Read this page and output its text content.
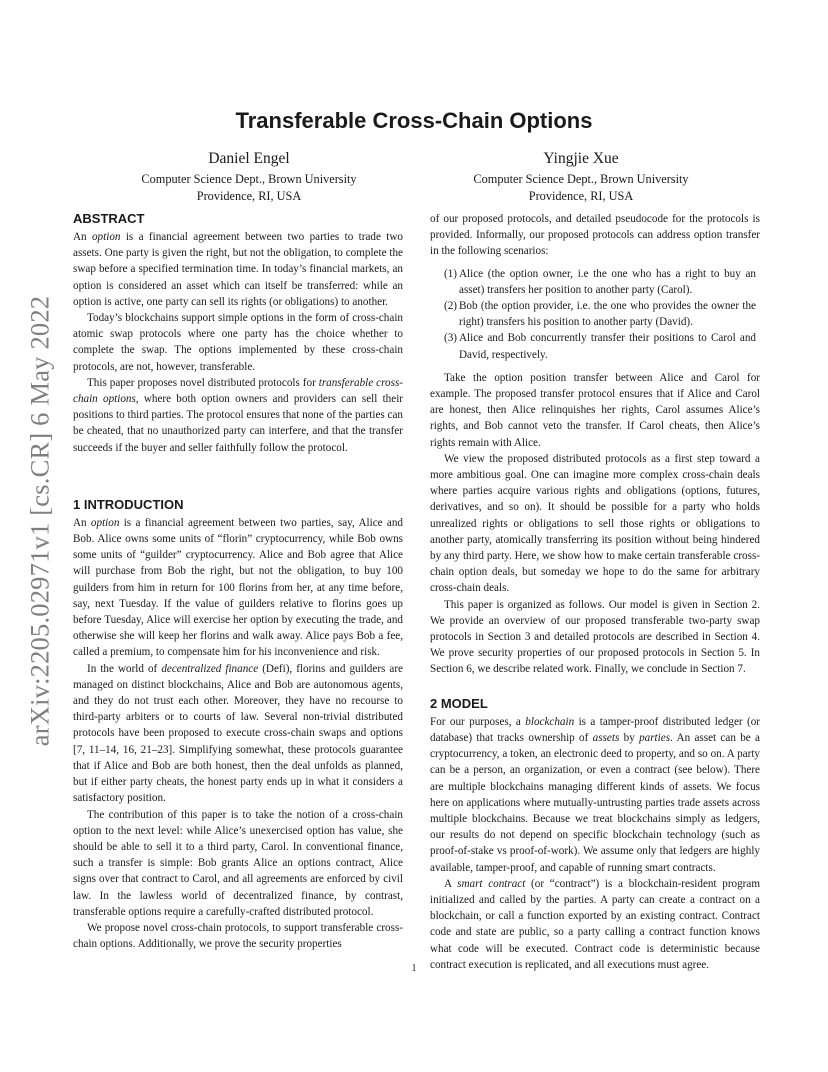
arXiv:2205.02971v1 [cs.CR] 6 May 2022
Transferable Cross-Chain Options
Daniel Engel
Computer Science Dept., Brown University
Providence, RI, USA
Yingjie Xue
Computer Science Dept., Brown University
Providence, RI, USA
ABSTRACT

An option is a financial agreement between two parties to trade two assets. One party is given the right, but not the obligation, to complete the swap before a specified termination time. In today’s financial markets, an option is considered an asset which can itself be transferred: while an option is active, one party can sell its rights (or obligations) to another.

Today’s blockchains support simple options in the form of cross-chain atomic swap protocols where one party has the choice whether to complete the swap. The options implemented by these cross-chain protocols, are not, however, transferable.

This paper proposes novel distributed protocols for transferable cross-chain options, where both option owners and providers can sell their positions to third parties. The protocol ensures that none of the parties can be cheated, that no unauthorized party can interfere, and that the transfer succeeds if the buyer and seller faithfully follow the protocol.

1 INTRODUCTION

An option is a financial agreement between two parties, say, Alice and Bob. Alice owns some units of “florin” cryptocurrency, while Bob owns some units of “guilder” cryptocurrency. Alice and Bob agree that Alice will purchase from Bob the right, but not the obligation, to buy 100 guilders from him in return for 100 florins from her, at any time before, say, next Tuesday. If the value of guilders relative to florins goes up before Tuesday, Alice will exercise her option by executing the trade, and otherwise she will keep her florins and walk away. Alice pays Bob a fee, called a premium, to compensate him for his inconvenience and risk.

In the world of decentralized finance (Defi), florins and guilders are managed on distinct blockchains, Alice and Bob are autonomous agents, and they do not trust each other. Moreover, they have no recourse to third-party arbiters or to courts of law. Several non-trivial distributed protocols have been proposed to execute cross-chain swaps and options [7, 11–14, 16, 21–23]. Simplifying somewhat, these protocols guarantee that if Alice and Bob are both honest, then the deal unfolds as planned, but if either party cheats, the honest party ends up in what it considers a satisfactory position.

The contribution of this paper is to take the notion of a cross-chain option to the next level: while Alice’s unexercised option has value, she should be able to sell it to a third party, Carol. In conventional finance, such a transfer is simple: Bob grants Alice an options contract, Alice signs over that contract to Carol, and all agreements are enforced by civil law. In the lawless world of decentralized finance, by contrast, transferable options require a carefully-crafted distributed protocol.

We propose novel cross-chain protocols, to support transferable cross-chain options. Additionally, we prove the security properties

of our proposed protocols, and detailed pseudocode for the protocols is provided. Informally, our proposed protocols can address option transfer in the following scenarios:

(1) Alice (the option owner, i.e the one who has a right to buy an asset) transfers her position to another party (Carol).
(2) Bob (the option provider, i.e. the one who provides the owner the right) transfers his position to another party (David).
(3) Alice and Bob concurrently transfer their positions to Carol and David, respectively.

Take the option position transfer between Alice and Carol for example. The proposed transfer protocol ensures that if Alice and Carol are honest, then Alice relinquishes her rights, Carol assumes Alice’s rights, and Bob cannot veto the transfer. If Carol cheats, then Alice’s rights remain with Alice.

We view the proposed distributed protocols as a first step toward a more ambitious goal. One can imagine more complex cross-chain deals where parties acquire various rights and obligations (options, futures, derivatives, and so on). It should be possible for a party who holds unrealized rights or obligations to sell those rights or obligations to another party, atomically transferring its position without being hindered by any third party. Here, we show how to make certain transferable cross-chain option deals, but someday we hope to do the same for arbitrary cross-chain deals.

This paper is organized as follows. Our model is given in Section 2. We provide an overview of our proposed transferable two-party swap protocols in Section 3 and detailed protocols are described in Section 4. We prove security properties of our proposed protocols in Section 5. In Section 6, we describe related work. Finally, we conclude in Section 7.

2 MODEL

For our purposes, a blockchain is a tamper-proof distributed ledger (or database) that tracks ownership of assets by parties. An asset can be a cryptocurrency, a token, an electronic deed to property, and so on. A party can be a person, an organization, or even a contract (see below). There are multiple blockchains managing different kinds of assets. We focus here on applications where mutually-untrusting parties trade assets across multiple blockchains. Because we treat blockchains simply as ledgers, our results do not depend on specific blockchain technology (such as proof-of-stake vs proof-of-work). We assume only that ledgers are highly available, tamper-proof, and capable of running smart contracts.

A smart contract (or “contract”) is a blockchain-resident program initialized and called by the parties. A party can create a contract on a blockchain, or call a function exported by an existing contract. Contract code and state are public, so a party calling a contract function knows what code will be executed. Contract code is deterministic because contract execution is replicated, and all executions must agree.

1
